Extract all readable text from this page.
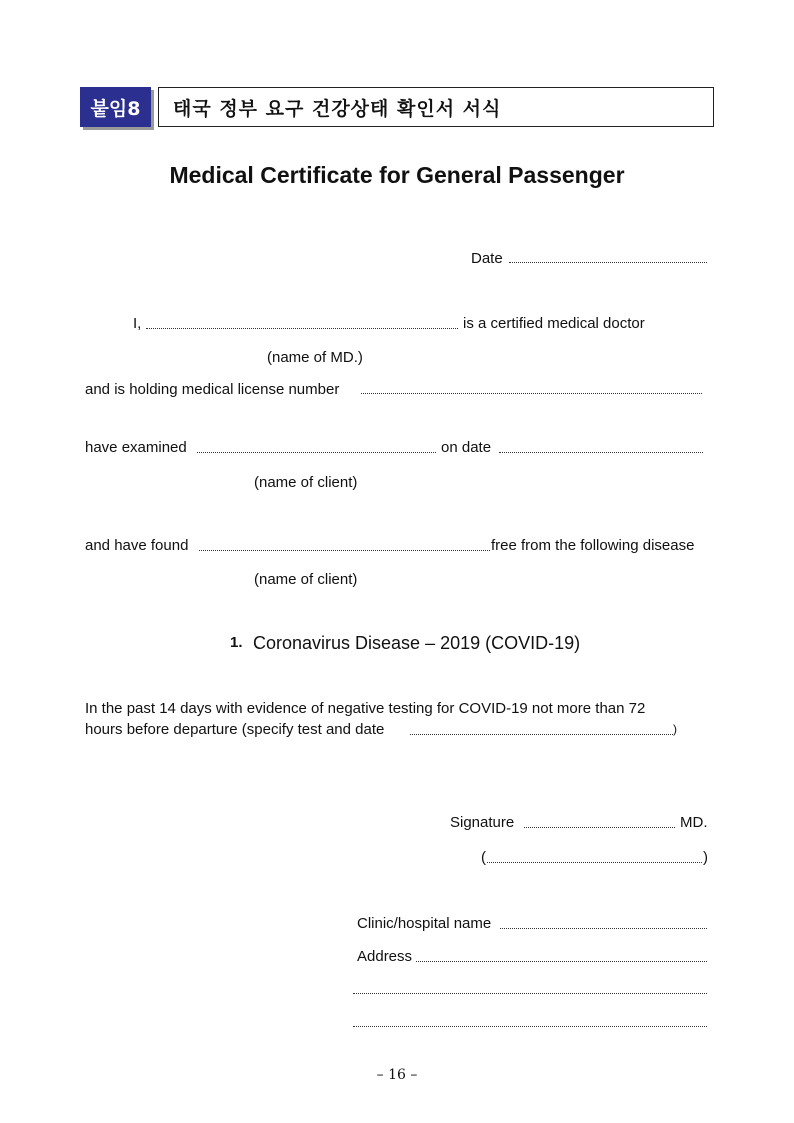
붙임8	태국 정부 요구 건강상태 확인서 서식
Medical Certificate for General Passenger
Date
I,	is a certified medical doctor
(name of MD.)
and is holding medical license number
have examined	on date
(name of client)
and have found	free from the following disease
(name of client)
1. Coronavirus Disease – 2019 (COVID-19)
In the past 14 days with evidence of negative testing for COVID-19 not more than 72
hours before departure (specify test and date	)
Signature	MD.
(	)
Clinic/hospital name
Address
– 16 –
